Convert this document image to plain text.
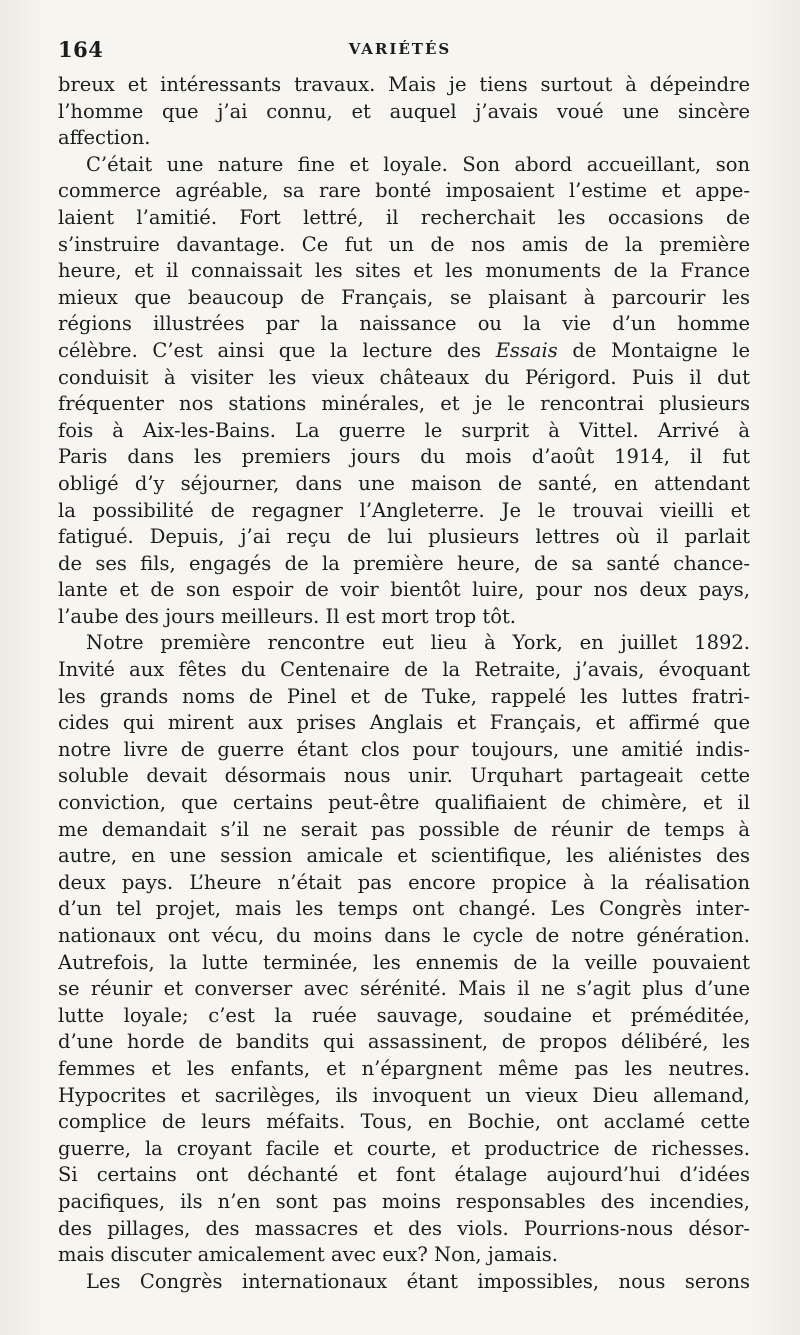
164	VARIÉTÉS
breux et intéressants travaux. Mais je tiens surtout à dépeindre
l’homme que j’ai connu, et auquel j’avais voué une sincère
affection.
C’était une nature fine et loyale. Son abord accueillant, son
commerce agréable, sa rare bonté imposaient l’estime et appe-
laient l’amitié. Fort lettré, il recherchait les occasions de
s’instruire davantage. Ce fut un de nos amis de la première
heure, et il connaissait les sites et les monuments de la France
mieux que beaucoup de Français, se plaisant à parcourir les
régions illustrées par la naissance ou la vie d’un homme
célèbre. C’est ainsi que la lecture des Essais de Montaigne le
conduisit à visiter les vieux châteaux du Périgord. Puis il dut
fréquenter nos stations minérales, et je le rencontrai plusieurs
fois à Aix-les-Bains. La guerre le surprit à Vittel. Arrivé à
Paris dans les premiers jours du mois d’août 1914, il fut
obligé d’y séjourner, dans une maison de santé, en attendant
la possibilité de regagner l’Angleterre. Je le trouvai vieilli et
fatigué. Depuis, j’ai reçu de lui plusieurs lettres où il parlait
de ses fils, engagés de la première heure, de sa santé chance-
lante et de son espoir de voir bientôt luire, pour nos deux pays,
l’aube des jours meilleurs. Il est mort trop tôt.
Notre première rencontre eut lieu à York, en juillet 1892.
Invité aux fêtes du Centenaire de la Retraite, j’avais, évoquant
les grands noms de Pinel et de Tuke, rappelé les luttes fratri-
cides qui mirent aux prises Anglais et Français, et affirmé que
notre livre de guerre étant clos pour toujours, une amitié indis-
soluble devait désormais nous unir. Urquhart partageait cette
conviction, que certains peut-être qualifiaient de chimère, et il
me demandait s’il ne serait pas possible de réunir de temps à
autre, en une session amicale et scientifique, les aliénistes des
deux pays. L’heure n’était pas encore propice à la réalisation
d’un tel projet, mais les temps ont changé. Les Congrès inter-
nationaux ont vécu, du moins dans le cycle de notre génération.
Autrefois, la lutte terminée, les ennemis de la veille pouvaient
se réunir et converser avec sérénité. Mais il ne s’agit plus d’une
lutte loyale; c’est la ruée sauvage, soudaine et préméditée,
d’une horde de bandits qui assassinent, de propos délibéré, les
femmes et les enfants, et n’épargnent même pas les neutres.
Hypocrites et sacrilèges, ils invoquent un vieux Dieu allemand,
complice de leurs méfaits. Tous, en Bochie, ont acclamé cette
guerre, la croyant facile et courte, et productrice de richesses.
Si certains ont déchanté et font étalage aujourd’hui d’idées
pacifiques, ils n’en sont pas moins responsables des incendies,
des pillages, des massacres et des viols. Pourrions-nous désor-
mais discuter amicalement avec eux? Non, jamais.
Les Congrès internationaux étant impossibles, nous serons
